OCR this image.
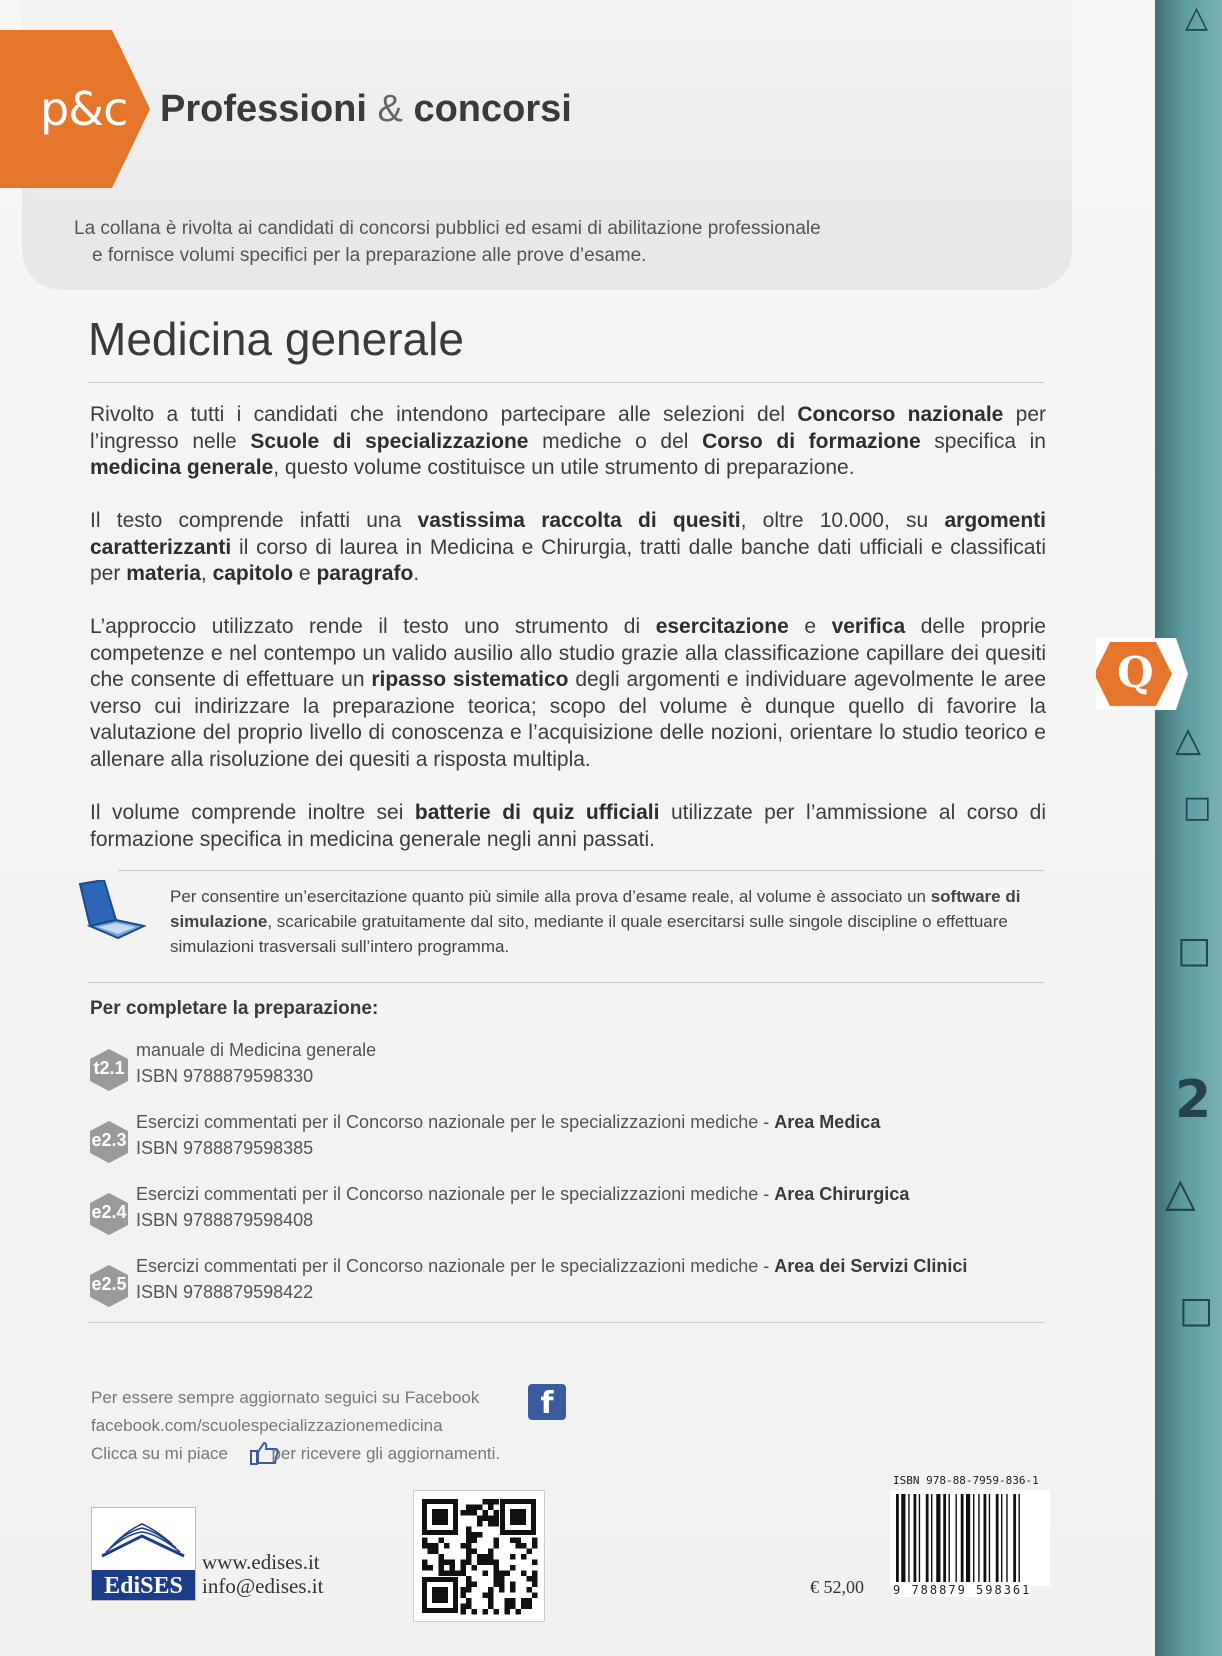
△
△
□
□
2
△
□
p&c Professioni & concorsi
La collana è rivolta ai candidati di concorsi pubblici ed esami di abilitazione professionale
e fornisce volumi specifici per la preparazione alle prove d’esame.
Medicina generale
Rivolto a tutti i candidati che intendono partecipare alle selezioni del Concorso nazionale per l’ingresso nelle Scuole di specializzazione mediche o del Corso di formazione specifica in medicina generale, questo volume costituisce un utile strumento di preparazione.
Il testo comprende infatti una vastissima raccolta di quesiti, oltre 10.000, su argomenti caratterizzanti il corso di laurea in Medicina e Chirurgia, tratti dalle banche dati ufficiali e classificati per materia, capitolo e paragrafo.
L’approccio utilizzato rende il testo uno strumento di esercitazione e verifica delle proprie competenze e nel contempo un valido ausilio allo studio grazie alla classificazione capillare dei quesiti che consente di effettuare un ripasso sistematico degli argomenti e individuare agevolmente le aree verso cui indirizzare la preparazione teorica; scopo del volume è dunque quello di favorire la valutazione del proprio livello di conoscenza e l’acquisizione delle nozioni, orientare lo studio teorico e allenare alla risoluzione dei quesiti a risposta multipla.
Il volume comprende inoltre sei batterie di quiz ufficiali utilizzate per l’ammissione al corso di formazione specifica in medicina generale negli anni passati.
Per consentire un’esercitazione quanto più simile alla prova d’esame reale, al volume è associato un software di simulazione, scaricabile gratuitamente dal sito, mediante il quale esercitarsi sulle singole discipline o effettuare simulazioni trasversali sull’intero programma.
Per completare la preparazione:
t2.1
manuale di Medicina generale
ISBN 9788879598330
e2.3
Esercizi commentati per il Concorso nazionale per le specializzazioni mediche - Area Medica
ISBN 9788879598385
e2.4
Esercizi commentati per il Concorso nazionale per le specializzazioni mediche - Area Chirurgica
ISBN 9788879598408
e2.5
Esercizi commentati per il Concorso nazionale per le specializzazioni mediche - Area dei Servizi Clinici
ISBN 9788879598422
Per essere sempre aggiornato seguici su Facebook	f
facebook.com/scuolespecializzazionemedicina
Clicca su mi piace	per ricevere gli aggiornamenti.
EdiSES
www.edises.it
info@edises.it	€ 52,00
ISBN 978-88-7959-836-1
9 788879 598361
Q
